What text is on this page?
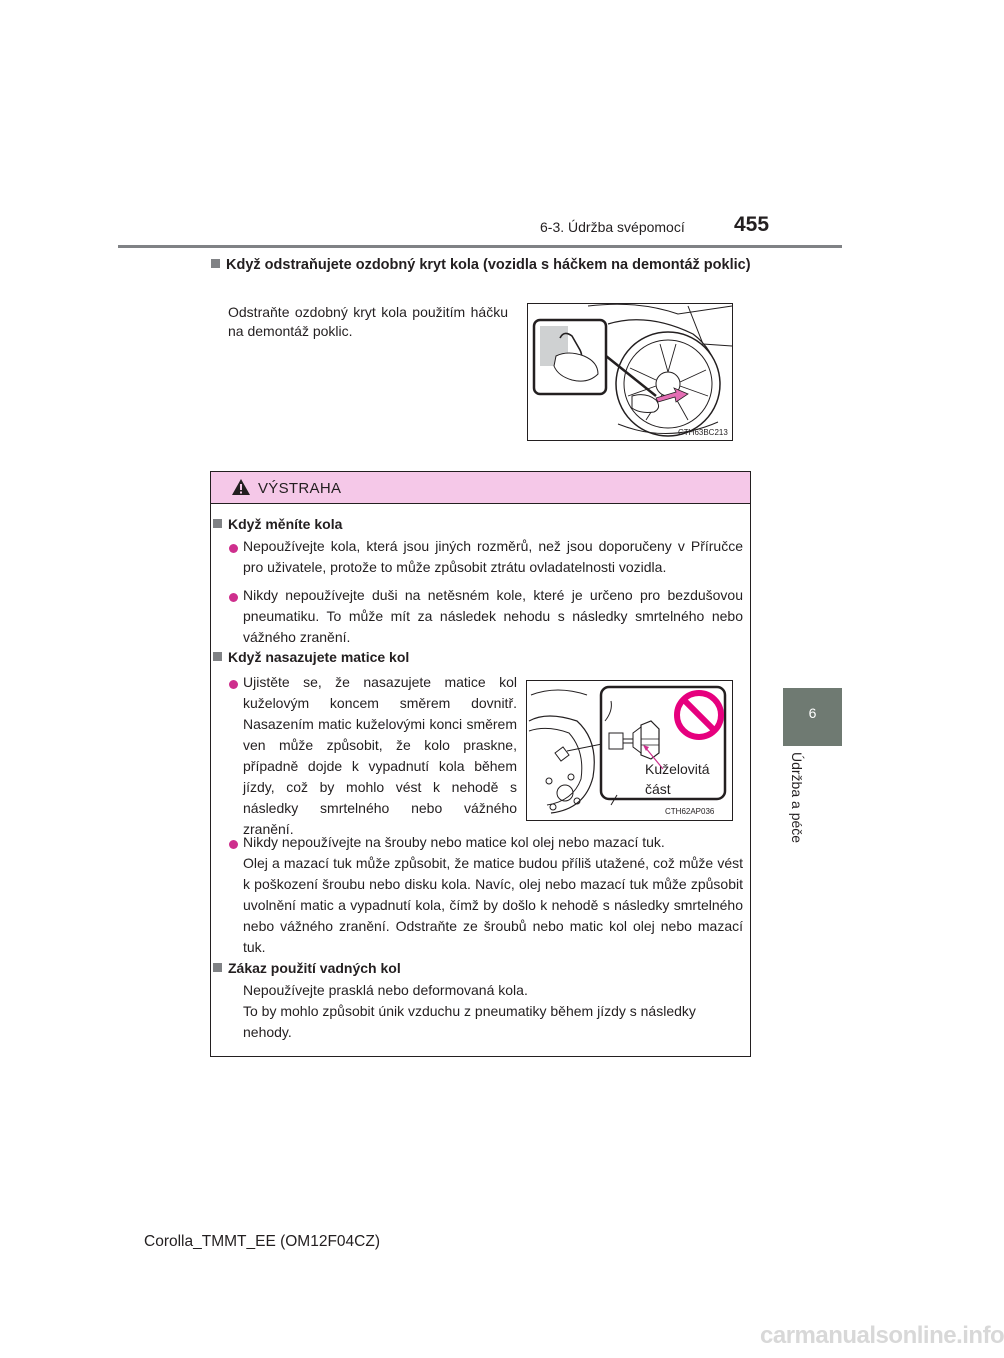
6-3. Údržba svépomocí 455
6
Údržba a péče
Když odstraňujete ozdobný kryt kola (vozidla s háčkem na demontáž poklic)
Odstraňte ozdobný kryt kola použitím háčku na demontáž poklic.
CTH63BC213
VÝSTRAHA
Když měníte kola
Nepoužívejte kola, která jsou jiných rozměrů, než jsou doporučeny v Příručce pro uživatele, protože to může způsobit ztrátu ovladatelnosti vozidla.
Nikdy nepoužívejte duši na netěsném kole, které je určeno pro bezdušovou pneumatiku. To může mít za následek nehodu s následky smrtelného nebo vážného zranění.
Když nasazujete matice kol
Ujistěte se, že nasazujete matice kol kuželovým koncem směrem dovnitř. Nasazením matic kuželovými konci směrem ven může způsobit, že kolo praskne, případně dojde k vypadnutí kola během jízdy, což by mohlo vést k nehodě s následky smrtelného nebo vážného zranění.
Nikdy nepoužívejte na šrouby nebo matice kol olej nebo mazací tuk.
Olej a mazací tuk může způsobit, že matice budou příliš utažené, což může vést k poškození šroubu nebo disku kola. Navíc, olej nebo mazací tuk může způsobit uvolnění matic a vypadnutí kola, čímž by došlo k nehodě s následky smrtelného nebo vážného zranění. Odstraňte ze šroubů nebo matic kol olej nebo mazací tuk.
Zákaz použití vadných kol
Nepoužívejte prasklá nebo deformovaná kola.
To by mohlo způsobit únik vzduchu z pneumatiky během jízdy s následky nehody.
Kuželovitá
část
CTH62AP036
Corolla_TMMT_EE (OM12F04CZ)
carmanualsonline.info
